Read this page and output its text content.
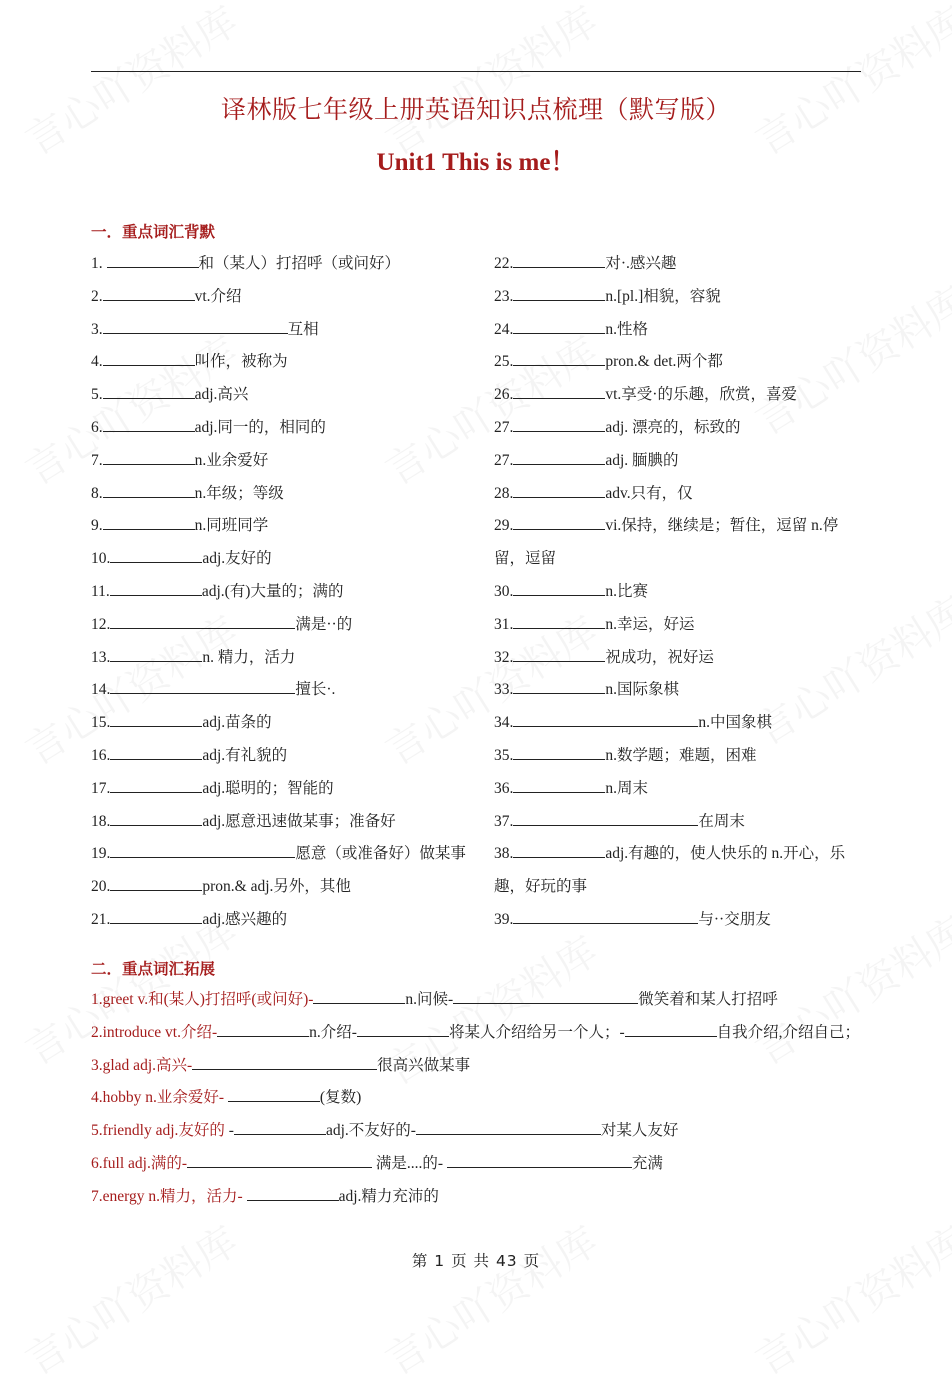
译林版七年级上册英语知识点梳理（默写版）
Unit1 This is me！
一．重点词汇背默
1.	和（某人）打招呼（或问好）
2.	vt.介绍
3.	互相
4.	叫作，被称为
5.	adj.高兴
6.	adj.同一的，相同的
7.	n.业余爱好
8.	n.年级；等级
9.	n.同班同学
10.	adj.友好的
11.	adj.(有)大量的；满的
12.	满是··的
13.	n. 精力，活力
14.	擅长·.
15.	adj.苗条的
16.	adj.有礼貌的
17.	adj.聪明的；智能的
18.	adj.愿意迅速做某事；准备好
19.	愿意（或准备好）做某事
20.	pron.& adj.另外，其他
21.	adj.感兴趣的
22.	对·.感兴趣
23.	n.[pl.]相貌，容貌
24.	n.性格
25.	pron.& det.两个都
26.	vt.享受·的乐趣，欣赏，喜爱
27.	adj. 漂亮的，标致的
27.	adj. 腼腆的
28.	adv.只有，仅
29.	vi.保持，继续是；暂住，逗留 n.停留，逗留
30.	n.比赛
31.	n.幸运，好运
32.	祝成功，祝好运
33.	n.国际象棋
34.	n.中国象棋
35.	n.数学题；难题，困难
36.	n.周末
37.	在周末
38.	adj.有趣的，使人快乐的 n.开心，乐趣，好玩的事
39.	与··交朋友
二．重点词汇拓展
1.greet v.和(某人)打招呼(或问好)-	n.问候-	微笑着和某人打招呼
2.introduce vt.介绍-	n.介绍-	将某人介绍给另一个人；-	自我介绍,介绍自己；
3.glad adj.高兴-	很高兴做某事
4.hobby n.业余爱好-	(复数)
5.friendly adj.友好的 -	adj.不友好的-	对某人友好
6.full adj.满的-	满是....的-	充满
7.energy n.精力，活力-	adj.精力充沛的
第 1 页 共 43 页
